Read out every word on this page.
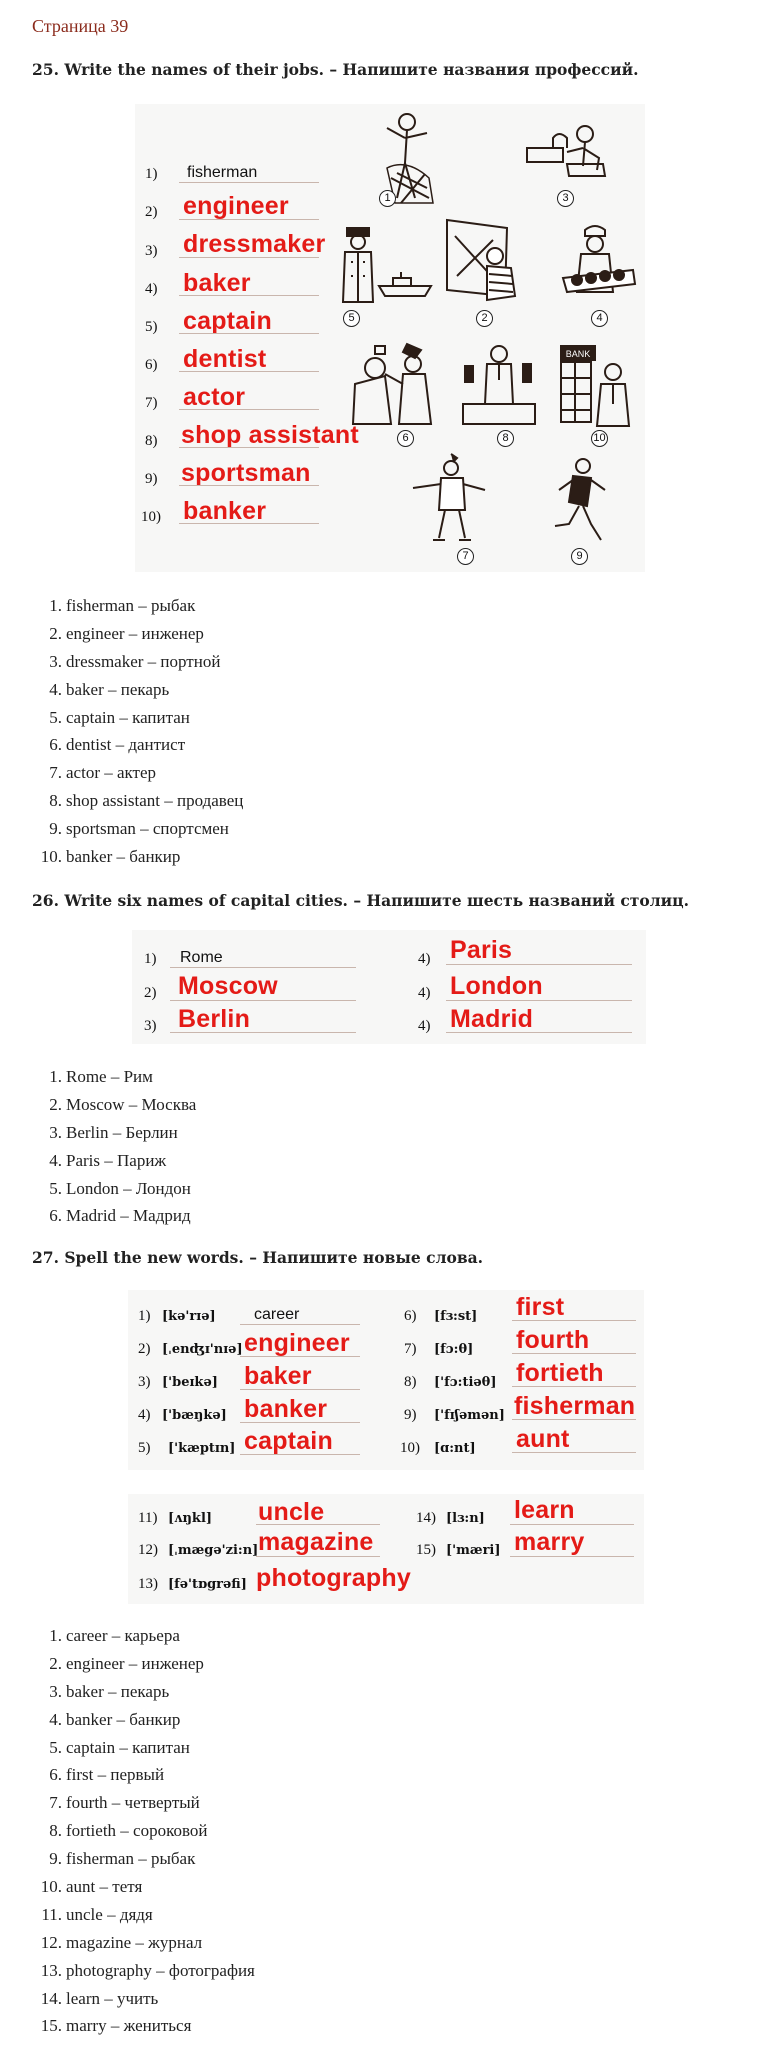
Страница 39
25. Write the names of their jobs. – Напишите названия профессий.
1) fisherman
2) engineer
3) dressmaker
4) baker
5) captain
6) dentist
7) actor
8) shop assistant
9) sportsman
10) banker
1	3
5	2	4
6	8
BANK
10
7	9
1. fisherman – рыбак
2. engineer – инженер
3. dressmaker – портной
4. baker – пекарь
5. captain – капитан
6. dentist – дантист
7. actor – актер
8. shop assistant – продавец
9. sportsman – спортсмен
10. banker – банкир
26. Write six names of capital cities. – Напишите шесть названий столиц.
1) Rome
2) Moscow
3) Berlin
4) Paris
4) London
4) Madrid
1. Rome – Рим
2. Moscow – Москва
3. Berlin – Берлин
4. Paris – Париж
5. London – Лондон
6. Madrid – Мадрид
27. Spell the new words. – Напишите новые слова.
1) [kə'rɪə] career
2) [ˌenʤɪ'nɪə] engineer
3) ['beɪkə] baker
4) ['bæŋkə] banker
5) ['kæptɪn] captain
6) [fɜ:st] first
7) [fɔ:θ] fourth
8) ['fɔ:tiəθ] fortieth
9) ['fɪʃəmən] fisherman
10) [ɑ:nt] aunt
11) [ʌŋkl] uncle
12) [ˌmægə'zi:n] magazine
13) [fə'tɒgrəfi] photography
14) [lɜ:n] learn
15) ['mæri] marry
1. career – карьера
2. engineer – инженер
3. baker – пекарь
4. banker – банкир
5. captain – капитан
6. first – первый
7. fourth – четвертый
8. fortieth – сороковой
9. fisherman – рыбак
10. aunt – тетя
11. uncle – дядя
12. magazine – журнал
13. photography – фотография
14. learn – учить
15. marry – жениться
